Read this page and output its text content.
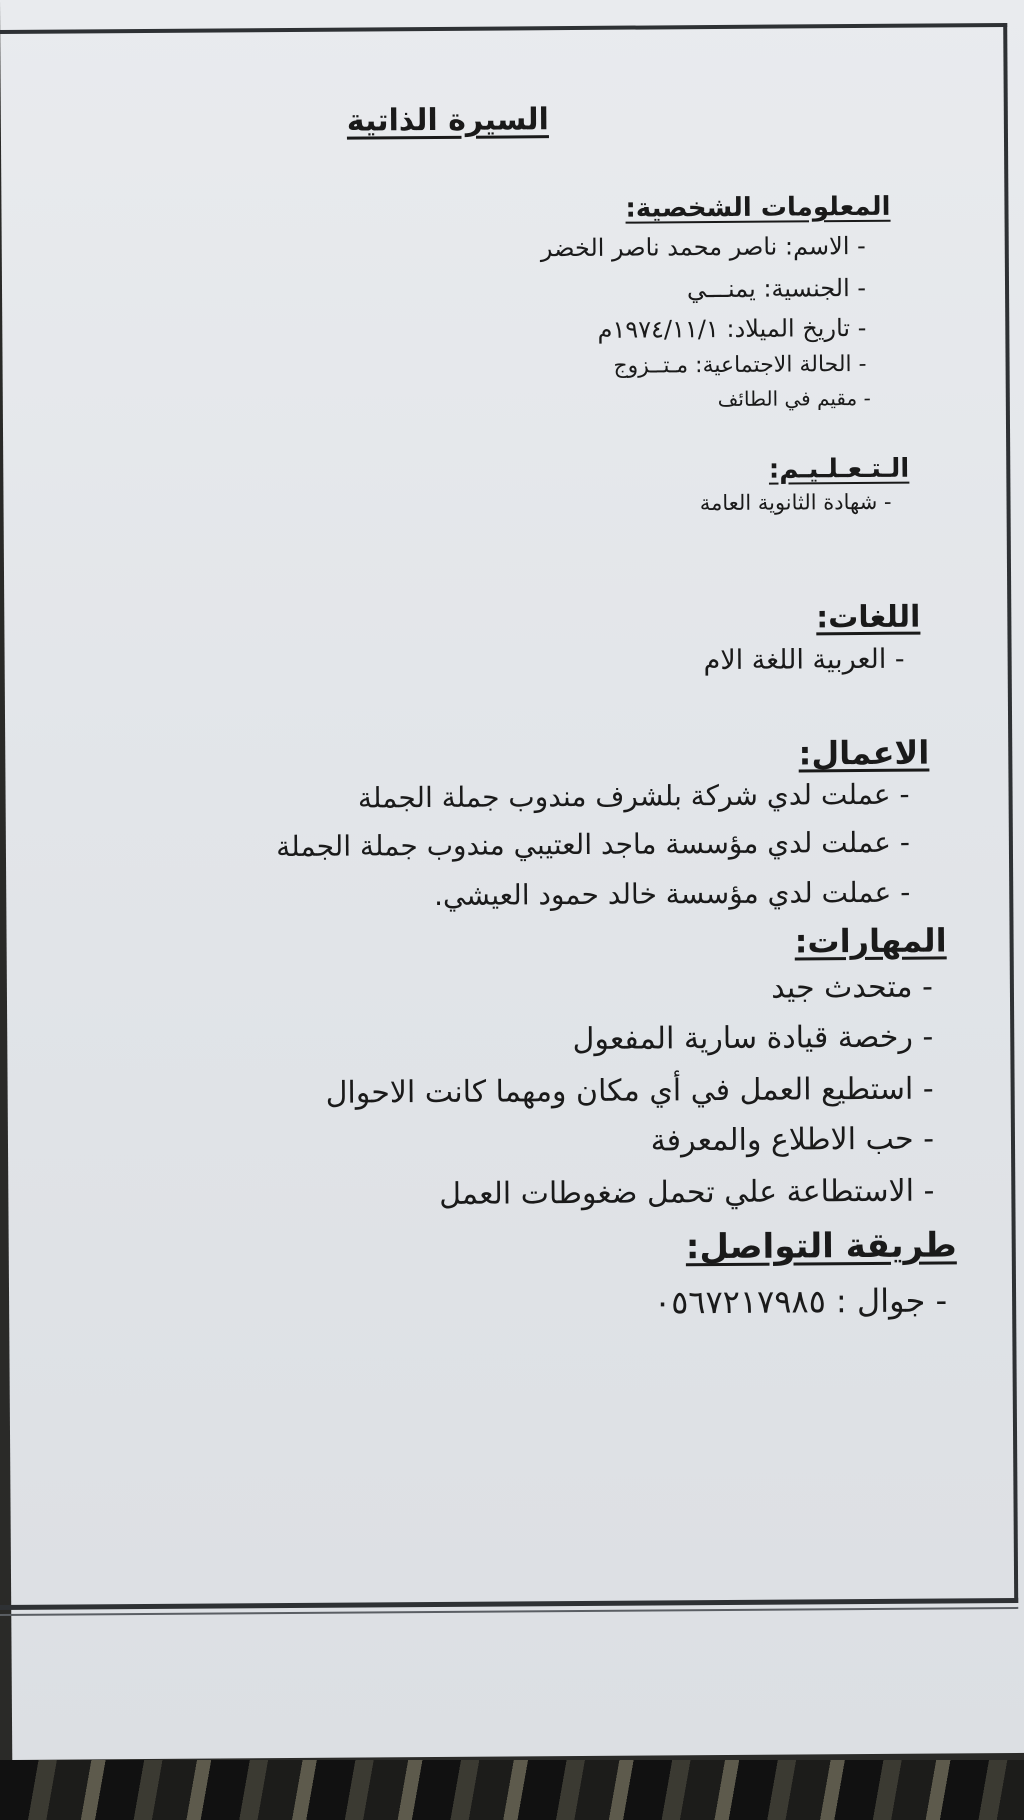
السيرة الذاتية
المعلومات الشخصية:
- الاسم: ناصر محمد ناصر الخضر
- الجنسية: يمنـــي
- تاريخ الميلاد: ١٩٧٤/١١/١م
- الحالة الاجتماعية: مـتــزوج
- مقيم في الطائف
الـتـعـلـيـم:
- شهادة الثانوية العامة
اللغات:
- العربية اللغة الام
الاعمال:
- عملت لدي شركة بلشرف مندوب جملة الجملة
- عملت لدي مؤسسة ماجد العتيبي مندوب جملة الجملة
- عملت لدي مؤسسة خالد حمود العيشي.
المهارات:
- متحدث جيد
- رخصة قيادة سارية المفعول
- استطيع العمل في أي مكان ومهما كانت الاحوال
- حب الاطلاع والمعرفة
- الاستطاعة علي تحمل ضغوطات العمل
طريقة التواصل:
- جوال : ٠٥٦٧٢١٧٩٨٥
